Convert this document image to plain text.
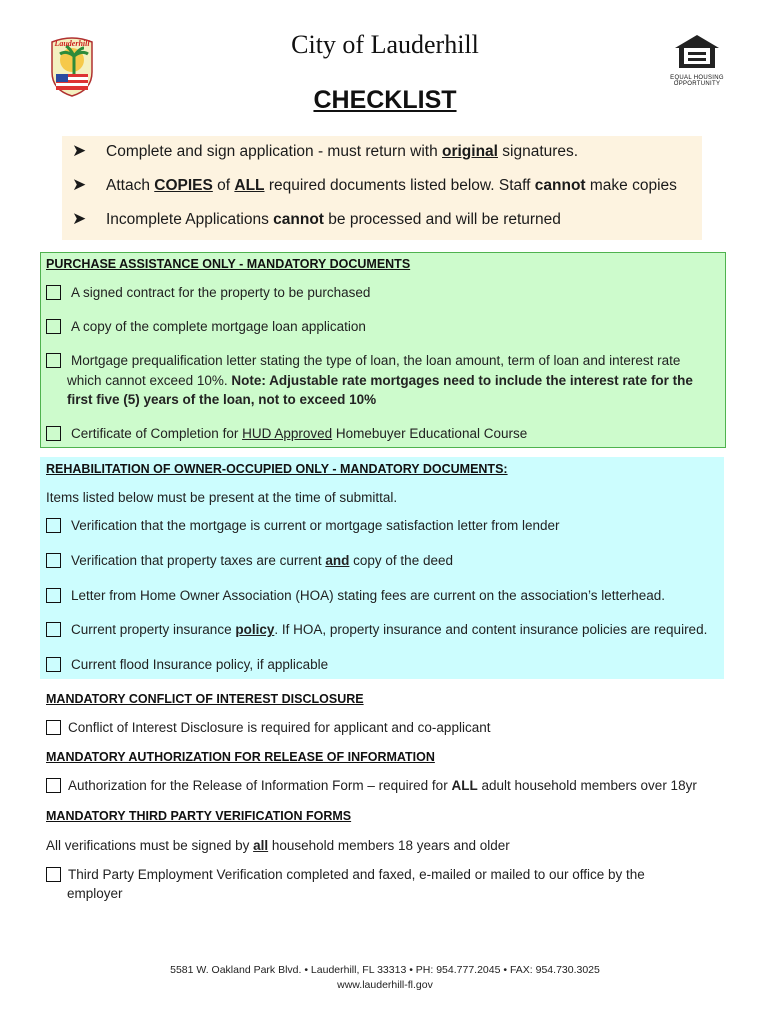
Lauderhill	City of Lauderhill
EQUAL HOUSING
OPPORTUNITY
CHECKLIST
➤ Complete and sign application - must return with original signatures.
➤ Attach COPIES of ALL required documents listed below. Staff cannot make copies
➤ Incomplete Applications cannot be processed and will be returned
PURCHASE ASSISTANCE ONLY - MANDATORY DOCUMENTS
A signed contract for the property to be purchased
A copy of the complete mortgage loan application
Mortgage prequalification letter stating the type of loan, the loan amount, term of loan and interest rate
which cannot exceed 10%. Note: Adjustable rate mortgages need to include the interest rate for the
first five (5) years of the loan, not to exceed 10%
Certificate of Completion for HUD Approved Homebuyer Educational Course
REHABILITATION OF OWNER-OCCUPIED ONLY - MANDATORY DOCUMENTS:
Items listed below must be present at the time of submittal.
Verification that the mortgage is current or mortgage satisfaction letter from lender
Verification that property taxes are current and copy of the deed
Letter from Home Owner Association (HOA) stating fees are current on the association’s letterhead.
Current property insurance policy. If HOA, property insurance and content insurance policies are required.
Current flood Insurance policy, if applicable
MANDATORY CONFLICT OF INTEREST DISCLOSURE
Conflict of Interest Disclosure is required for applicant and co-applicant
MANDATORY AUTHORIZATION FOR RELEASE OF INFORMATION
Authorization for the Release of Information Form – required for ALL adult household members over 18yr
MANDATORY THIRD PARTY VERIFICATION FORMS
All verifications must be signed by all household members 18 years and older
Third Party Employment Verification completed and faxed, e-mailed or mailed to our office by the
employer
5581 W. Oakland Park Blvd. • Lauderhill, FL 33313 • PH: 954.777.2045 • FAX: 954.730.3025
www.lauderhill-fl.gov
